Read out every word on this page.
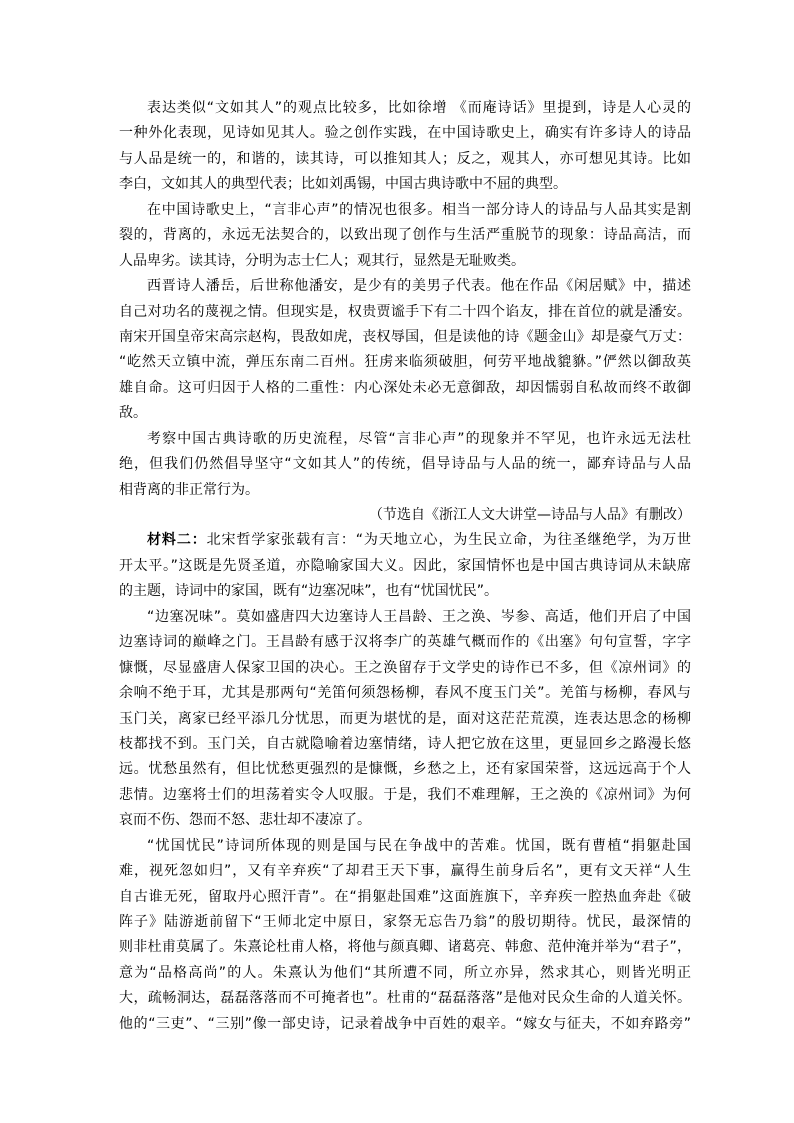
表达类似“文如其人”的观点比较多，比如徐增 《而庵诗话》里提到，诗是人心灵的
一种外化表现，见诗如见其人。验之创作实践，在中国诗歌史上，确实有许多诗人的诗品
与人品是统一的，和谐的，读其诗，可以推知其人；反之，观其人，亦可想见其诗。比如
李白，文如其人的典型代表；比如刘禹锡，中国古典诗歌中不屈的典型。
在中国诗歌史上，“言非心声”的情况也很多。相当一部分诗人的诗品与人品其实是割
裂的，背离的，永远无法契合的，以致出现了创作与生活严重脱节的现象：诗品高洁，而
人品卑劣。读其诗，分明为志士仁人；观其行，显然是无耻败类。
西晋诗人潘岳，后世称他潘安，是少有的美男子代表。他在作品《闲居赋》中，描述
自己对功名的蔑视之情。但现实是，权贵贾谧手下有二十四个谄友，排在首位的就是潘安。
南宋开国皇帝宋高宗赵构，畏敌如虎，丧权辱国，但是读他的诗《题金山》却是豪气万丈：
“屹然天立镇中流，弹压东南二百州。狂虏来临须破胆，何劳平地战貔貅。”俨然以御敌英
雄自命。这可归因于人格的二重性：内心深处未必无意御敌，却因懦弱自私故而终不敢御
敌。
考察中国古典诗歌的历史流程，尽管“言非心声”的现象并不罕见，也许永远无法杜
绝，但我们仍然倡导坚守“文如其人”的传统，倡导诗品与人品的统一，鄙弃诗品与人品
相背离的非正常行为。
（节选自《浙江人文大讲堂—诗品与人品》有删改）
材料二：北宋哲学家张载有言：“为天地立心，为生民立命，为往圣继绝学，为万世
开太平。”这既是先贤圣道，亦隐喻家国大义。因此，家国情怀也是中国古典诗词从未缺席
的主题，诗词中的家国，既有“边塞况味”，也有“忧国忧民”。
“边塞况味”。莫如盛唐四大边塞诗人王昌龄、王之涣、岑参、高适，他们开启了中国
边塞诗词的巅峰之门。王昌龄有感于汉将李广的英雄气概而作的《出塞》句句宣誓，字字
慷慨，尽显盛唐人保家卫国的决心。王之涣留存于文学史的诗作已不多，但《凉州词》的
余响不绝于耳，尤其是那两句“羌笛何须怨杨柳，春风不度玉门关”。羌笛与杨柳，春风与
玉门关，离家已经平添几分忧思，而更为堪忧的是，面对这茫茫荒漠，连表达思念的杨柳
枝都找不到。玉门关，自古就隐喻着边塞情绪，诗人把它放在这里，更显回乡之路漫长悠
远。忧愁虽然有，但比忧愁更强烈的是慷慨，乡愁之上，还有家国荣誉，这远远高于个人
悲情。边塞将士们的坦荡着实令人叹服。于是，我们不难理解，王之涣的《凉州词》为何
哀而不伤、怨而不怒、悲壮却不凄凉了。
“忧国忧民”诗词所体现的则是国与民在争战中的苦难。忧国，既有曹植“捐躯赴国
难，视死忽如归”，又有辛弃疾“了却君王天下事，赢得生前身后名”，更有文天祥“人生
自古谁无死，留取丹心照汗青”。在“捐躯赴国难”这面旌旗下，辛弃疾一腔热血奔赴《破
阵子》陆游逝前留下“王师北定中原日，家祭无忘告乃翁”的殷切期待。忧民，最深情的
则非杜甫莫属了。朱熹论杜甫人格，将他与颜真卿、诸葛亮、韩愈、范仲淹并举为“君子”，
意为“品格高尚”的人。朱熹认为他们“其所遭不同，所立亦异，然求其心，则皆光明正
大，疏畅洞达，磊磊落落而不可掩者也”。杜甫的“磊磊落落”是他对民众生命的人道关怀。
他的“三吏”、“三别”像一部史诗，记录着战争中百姓的艰辛。“嫁女与征夫，不如弃路旁”
